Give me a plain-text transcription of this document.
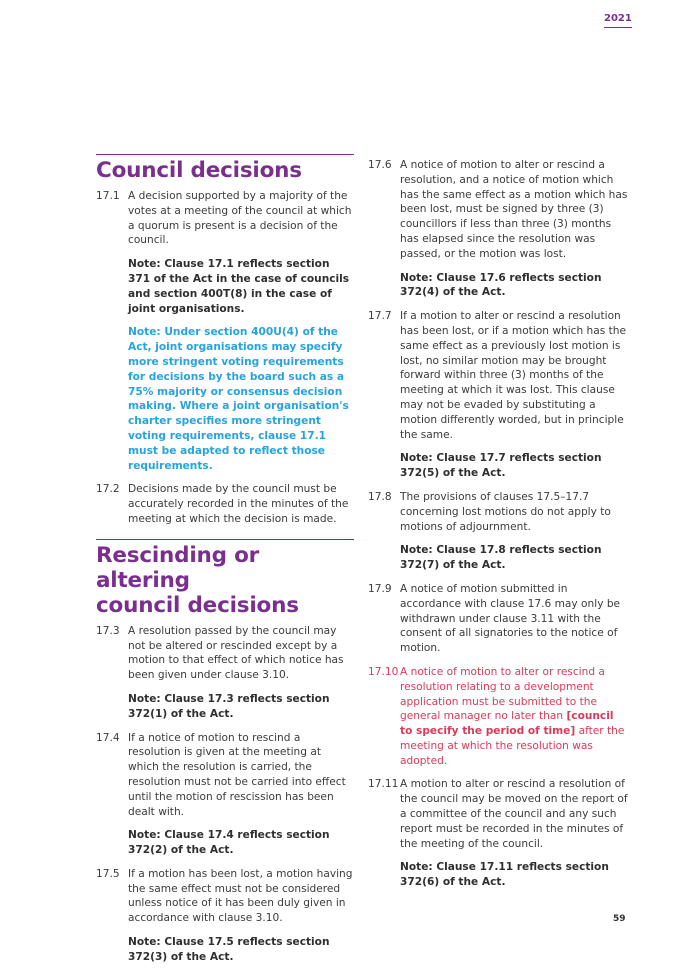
2021
Council decisions
17.1 A decision supported by a majority of the votes at a meeting of the council at which a quorum is present is a decision of the council.
Note: Clause 17.1 reflects section 371 of the Act in the case of councils and section 400T(8) in the case of joint organisations.
Note: Under section 400U(4) of the Act, joint organisations may specify more stringent voting requirements for decisions by the board such as a 75% majority or consensus decision making. Where a joint organisation's charter specifies more stringent voting requirements, clause 17.1 must be adapted to reflect those requirements.
17.2 Decisions made by the council must be accurately recorded in the minutes of the meeting at which the decision is made.
Rescinding or altering
council decisions
17.3 A resolution passed by the council may not be altered or rescinded except by a motion to that effect of which notice has been given under clause 3.10.
Note: Clause 17.3 reflects section 372(1) of the Act.
17.4 If a notice of motion to rescind a resolution is given at the meeting at which the resolution is carried, the resolution must not be carried into effect until the motion of rescission has been dealt with.
Note: Clause 17.4 reflects section 372(2) of the Act.
17.5 If a motion has been lost, a motion having the same effect must not be considered unless notice of it has been duly given in accordance with clause 3.10.
Note: Clause 17.5 reflects section 372(3) of the Act.
17.6 A notice of motion to alter or rescind a resolution, and a notice of motion which has the same effect as a motion which has been lost, must be signed by three (3) councillors if less than three (3) months has elapsed since the resolution was passed, or the motion was lost.
Note: Clause 17.6 reflects section 372(4) of the Act.
17.7 If a motion to alter or rescind a resolution has been lost, or if a motion which has the same effect as a previously lost motion is lost, no similar motion may be brought forward within three (3) months of the meeting at which it was lost. This clause may not be evaded by substituting a motion differently worded, but in principle the same.
Note: Clause 17.7 reflects section 372(5) of the Act.
17.8 The provisions of clauses 17.5–17.7 concerning lost motions do not apply to motions of adjournment.
Note: Clause 17.8 reflects section 372(7) of the Act.
17.9 A notice of motion submitted in accordance with clause 17.6 may only be withdrawn under clause 3.11 with the consent of all signatories to the notice of motion.
17.10 A notice of motion to alter or rescind a resolution relating to a development application must be submitted to the general manager no later than [council to specify the period of time] after the meeting at which the resolution was adopted.
17.11 A motion to alter or rescind a resolution of the council may be moved on the report of a committee of the council and any such report must be recorded in the minutes of the meeting of the council.
Note: Clause 17.11 reflects section 372(6) of the Act.
59
